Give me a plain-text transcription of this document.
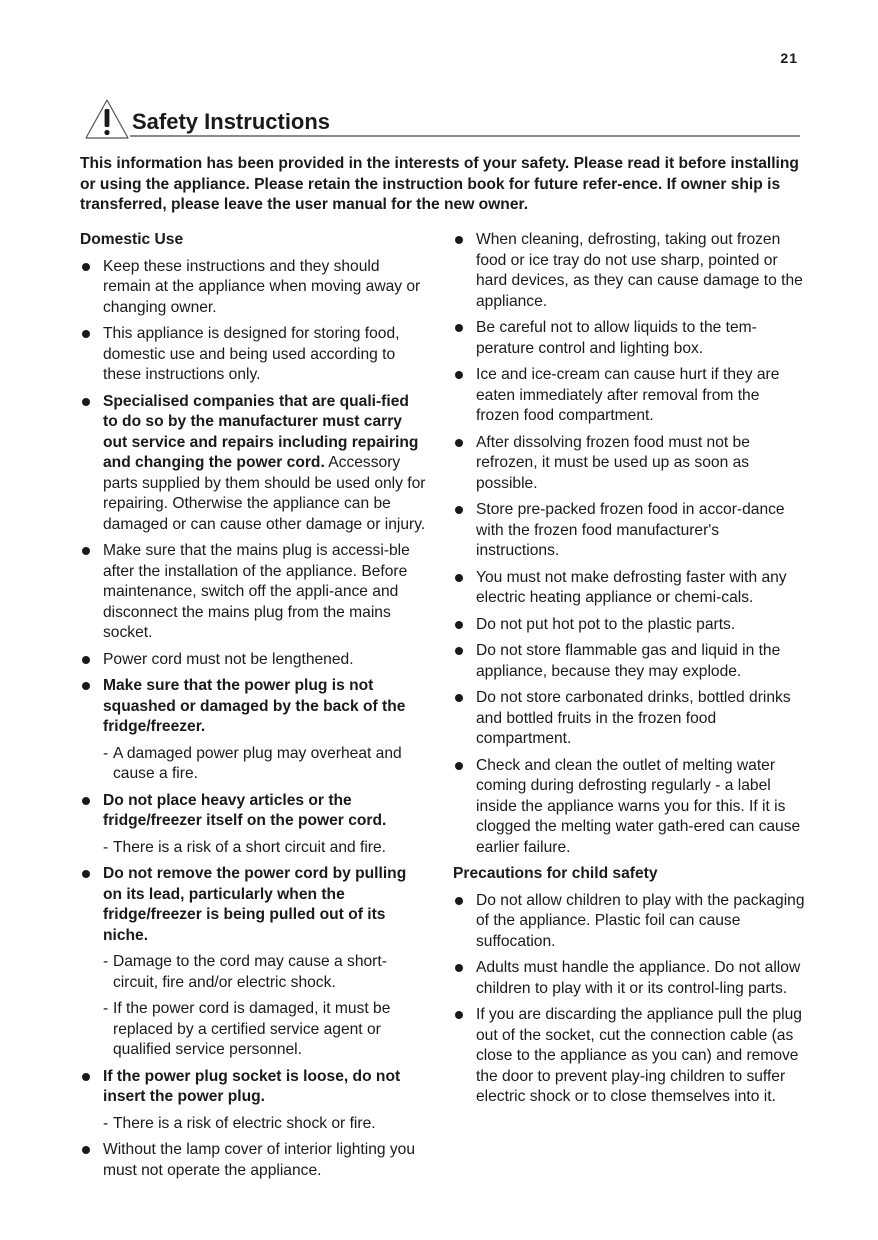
21
Safety Instructions

This information has been provided in the interests of your safety. Please read it before installing or using the appliance. Please retain the instruction book for future refer-ence. If owner ship is transferred, please leave the user manual for the new owner.

Domestic Use
Keep these instructions and they should remain at the appliance when moving away or changing owner.
This appliance is designed for storing food, domestic use and being used according to these instructions only.
Specialised companies that are quali-fied to do so by the manufacturer must carry out service and repairs including repairing and changing the power cord. Accessory parts supplied by them should be used only for repairing. Otherwise the appliance can be damaged or can cause other damage or injury.
Make sure that the mains plug is accessi-ble after the installation of the appliance. Before maintenance, switch off the appli-ance and disconnect the mains plug from the mains socket.
Power cord must not be lengthened.
Make sure that the power plug is not squashed or damaged by the back of the fridge/freezer.
- A damaged power plug may overheat and cause a fire.
Do not place heavy articles or the fridge/freezer itself on the power cord.
- There is a risk of a short circuit and fire.
Do not remove the power cord by pulling on its lead, particularly when the fridge/freezer is being pulled out of its niche.
- Damage to the cord may cause a short-circuit, fire and/or electric shock.
- If the power cord is damaged, it must be replaced by a certified service agent or qualified service personnel.
If the power plug socket is loose, do not insert the power plug.
- There is a risk of electric shock or fire.
Without the lamp cover of interior lighting you must not operate the appliance.
When cleaning, defrosting, taking out frozen food or ice tray do not use sharp, pointed or hard devices, as they can cause damage to the appliance.
Be careful not to allow liquids to the tem-perature control and lighting box.
Ice and ice-cream can cause hurt if they are eaten immediately after removal from the frozen food compartment.
After dissolving frozen food must not be refrozen, it must be used up as soon as possible.
Store pre-packed frozen food in accor-dance with the frozen food manufacturer's instructions.
You must not make defrosting faster with any electric heating appliance or chemi-cals.
Do not put hot pot to the plastic parts.
Do not store flammable gas and liquid in the appliance, because they may explode.
Do not store carbonated drinks, bottled drinks and bottled fruits in the frozen food compartment.
Check and clean the outlet of melting water coming during defrosting regularly - a label inside the appliance warns you for this. If it is clogged the melting water gath-ered can cause earlier failure.
Precautions for child safety
Do not allow children to play with the packaging of the appliance. Plastic foil can cause suffocation.
Adults must handle the appliance. Do not allow children to play with it or its control-ling parts.
If you are discarding the appliance pull the plug out of the socket, cut the connection cable (as close to the appliance as you can) and remove the door to prevent play-ing children to suffer electric shock or to close themselves into it.
